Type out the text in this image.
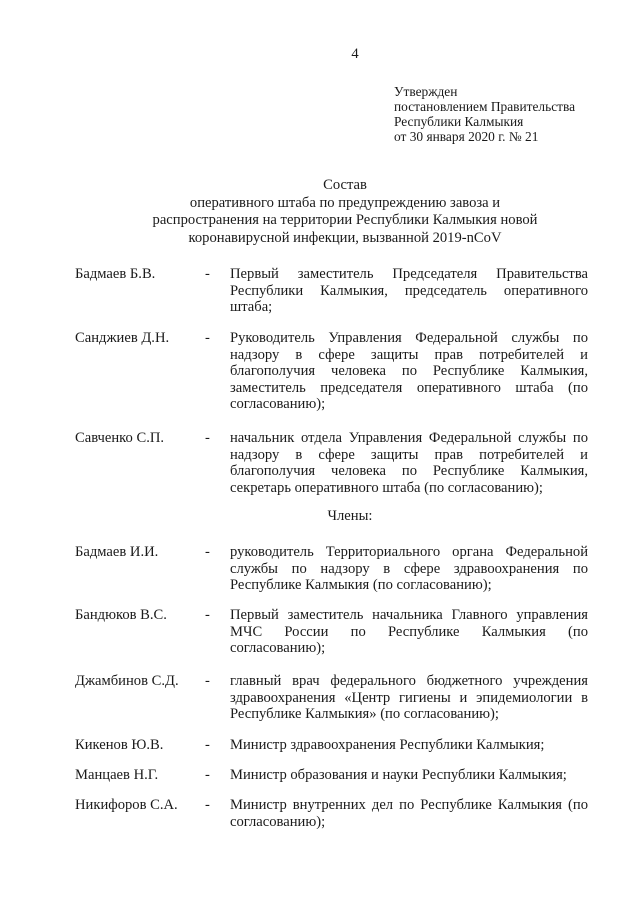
4
Утвержден
постановлением Правительства
Республики Калмыкия
от 30 января 2020 г. № 21
Состав
оперативного штаба по предупреждению завоза и
распространения на территории Республики Калмыкия новой
коронавирусной инфекции, вызванной 2019-nCoV
Бадмаев Б.В.	- Первый заместитель Председателя Правительства Республики Калмыкия, председатель оперативного штаба;
Санджиев Д.Н. - Руководитель Управления Федеральной службы по надзору в сфере защиты прав потребителей и благополучия человека по Республике Калмыкия, заместитель председателя оперативного штаба (по согласованию);
Савченко С.П.	- начальник отдела Управления Федеральной службы по надзору в сфере защиты прав потребителей и благополучия человека по Республике Калмыкия, секретарь оперативного штаба (по согласованию);
Члены:
Бадмаев И.И.	- руководитель Территориального органа Федеральной службы по надзору в сфере здравоохранения по Республике Калмыкия (по согласованию);
Бандюков В.С.	- Первый заместитель начальника Главного управления МЧС России по Республике Калмыкия (по согласованию);
Джамбинов С.Д. - главный врач федерального бюджетного учреждения здравоохранения «Центр гигиены и эпидемиологии в Республике Калмыкия» (по согласованию);
Кикенов Ю.В.	- Министр здравоохранения Республики Калмыкия;
Манцаев Н.Г.	- Министр образования и науки Республики Калмыкия;
Никифоров С.А. - Министр внутренних дел по Республике Калмыкия (по согласованию);
